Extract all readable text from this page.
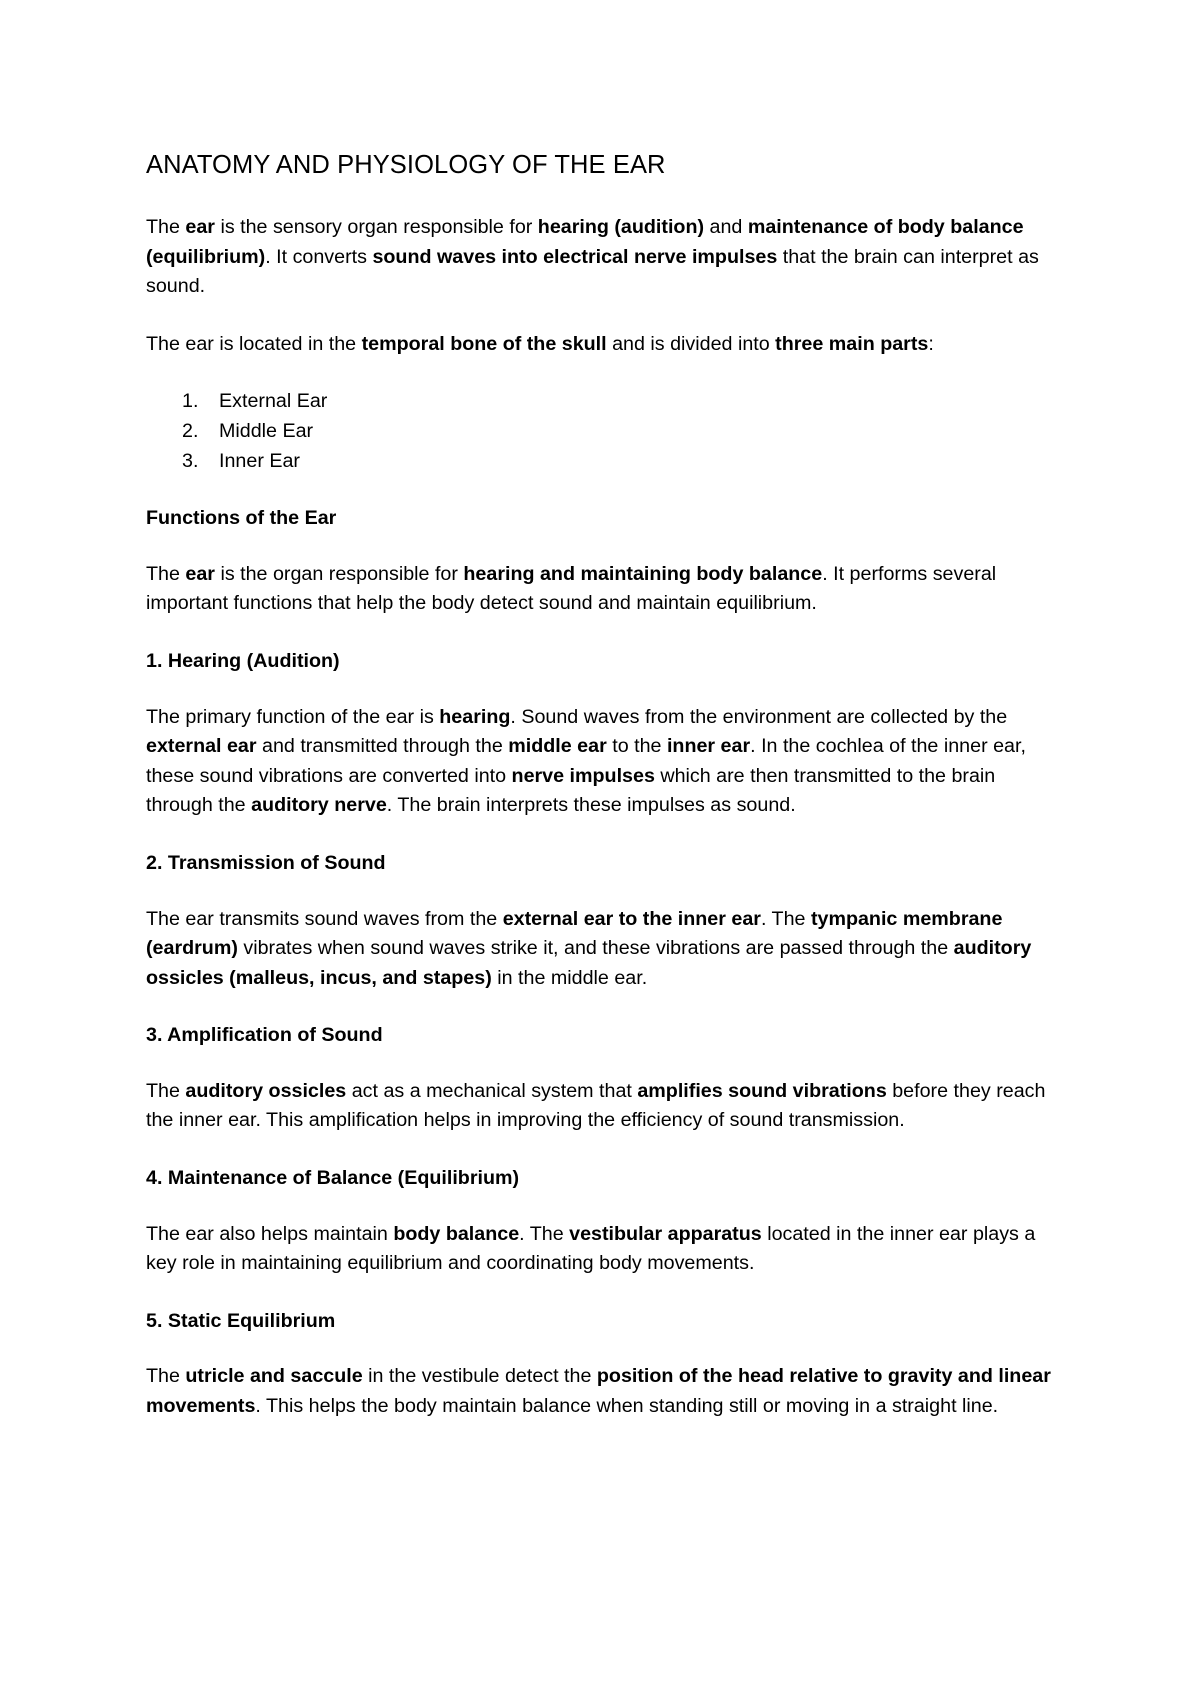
ANATOMY AND PHYSIOLOGY OF THE EAR

The ear is the sensory organ responsible for hearing (audition) and maintenance of body balance (equilibrium). It converts sound waves into electrical nerve impulses that the brain can interpret as sound.

The ear is located in the temporal bone of the skull and is divided into three main parts:

1. External Ear
2. Middle Ear
3. Inner Ear
Functions of the Ear

The ear is the organ responsible for hearing and maintaining body balance. It performs several important functions that help the body detect sound and maintain equilibrium.

1. Hearing (Audition)

The primary function of the ear is hearing. Sound waves from the environment are collected by the external ear and transmitted through the middle ear to the inner ear. In the cochlea of the inner ear, these sound vibrations are converted into nerve impulses which are then transmitted to the brain through the auditory nerve. The brain interprets these impulses as sound.

2. Transmission of Sound

The ear transmits sound waves from the external ear to the inner ear. The tympanic membrane (eardrum) vibrates when sound waves strike it, and these vibrations are passed through the auditory ossicles (malleus, incus, and stapes) in the middle ear.

3. Amplification of Sound

The auditory ossicles act as a mechanical system that amplifies sound vibrations before they reach the inner ear. This amplification helps in improving the efficiency of sound transmission.

4. Maintenance of Balance (Equilibrium)

The ear also helps maintain body balance. The vestibular apparatus located in the inner ear plays a key role in maintaining equilibrium and coordinating body movements.

5. Static Equilibrium

The utricle and saccule in the vestibule detect the position of the head relative to gravity and linear movements. This helps the body maintain balance when standing still or moving in a straight line.
